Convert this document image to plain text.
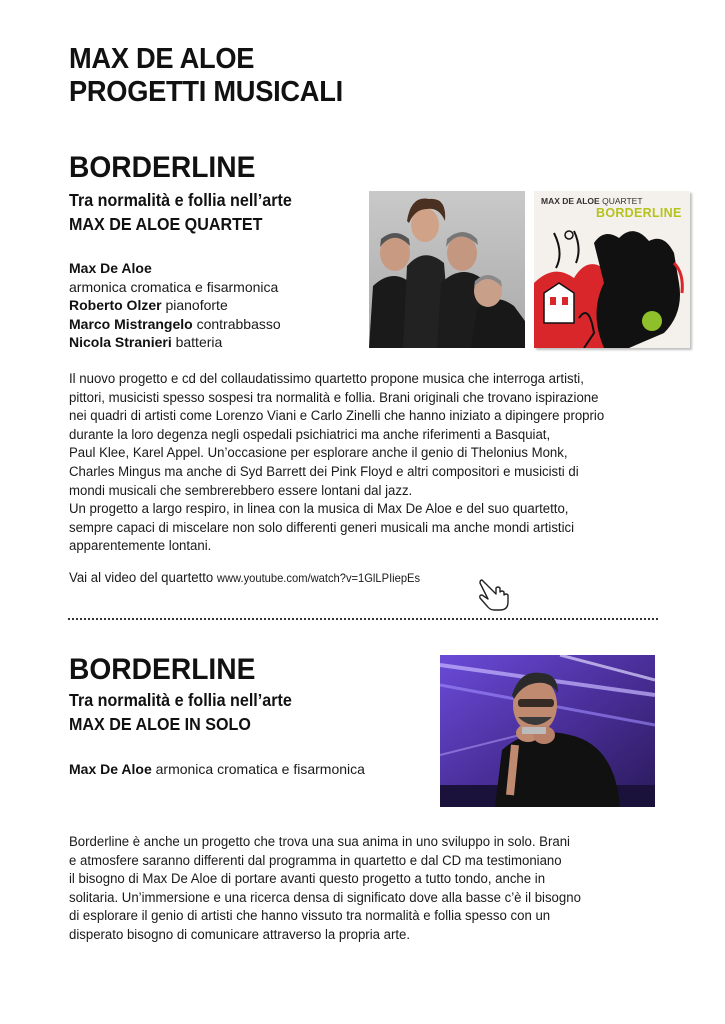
MAX DE ALOE
PROGETTI MUSICALI
BORDERLINE
Tra normalità e follia nell’arte
MAX DE ALOE QUARTET
Max De Aloe
armonica cromatica e fisarmonica
Roberto Olzer pianoforte
Marco Mistrangelo contrabbasso
Nicola Stranieri batteria
MAX DE ALOE QUARTET
BORDERLINE

Il nuovo progetto e cd del collaudatissimo quartetto propone musica che interroga artisti,

pittori, musicisti spesso sospesi tra normalità e follia. Brani originali che trovano ispirazione

nei quadri di artisti come Lorenzo Viani e Carlo Zinelli che hanno iniziato a dipingere proprio

durante la loro degenza negli ospedali psichiatrici ma anche riferimenti a Basquiat,

Paul Klee, Karel Appel. Un’occasione per esplorare anche il genio di Thelonius Monk,

Charles Mingus ma anche di Syd Barrett dei Pink Floyd e altri compositori e musicisti di

mondi musicali che sembrerebbero essere lontani dal jazz.

Un progetto a largo respiro, in linea con la musica di Max De Aloe e del suo quartetto,

sempre capaci di miscelare non solo differenti generi musicali ma anche mondi artistici

apparentemente lontani.

Vai al video del quartetto www.youtube.com/watch?v=1GlLPIiepEs
BORDERLINE
Tra normalità e follia nell’arte
MAX DE ALOE IN SOLO
Max De Aloe armonica cromatica e fisarmonica

Borderline è anche un progetto che trova una sua anima in uno sviluppo in solo. Brani

e atmosfere saranno differenti dal programma in quartetto e dal CD ma testimoniano

il bisogno di Max De Aloe di portare avanti questo progetto a tutto tondo, anche in

solitaria. Un’immersione e una ricerca densa di significato dove alla basse c’è il bisogno

di esplorare il genio di artisti che hanno vissuto tra normalità e follia spesso con un

disperato bisogno di comunicare attraverso la propria arte.
